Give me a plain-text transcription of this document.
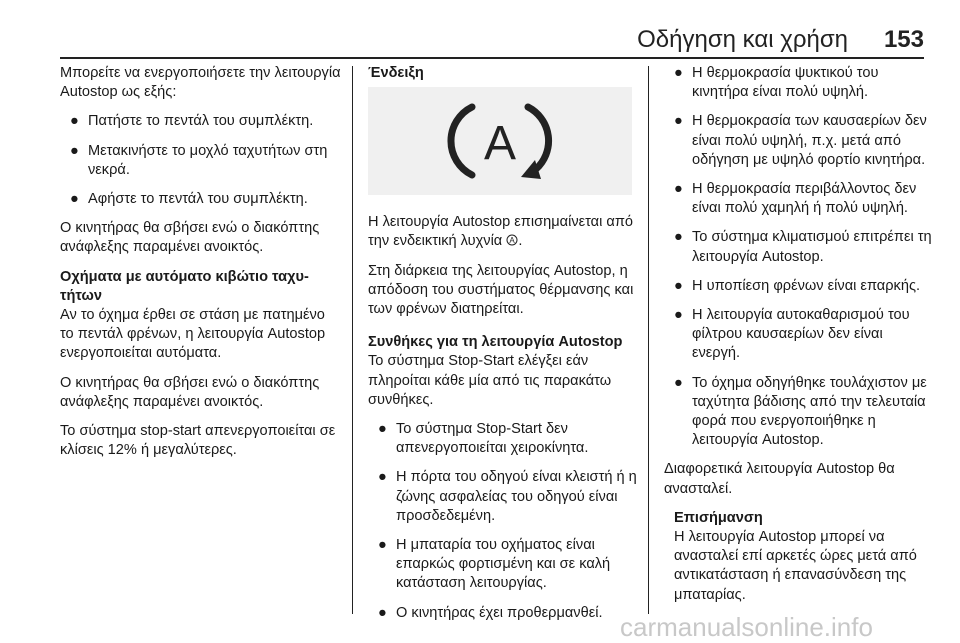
Οδήγηση και χρήση 153

Μπορείτε να ενεργοποιήσετε την λειτουργία Autostop ως εξής:

● Πατήστε το πεντάλ του συμπλέκτη.
● Μετακινήστε το μοχλό ταχυτήτων στη νεκρά.
● Αφήστε το πεντάλ του συμπλέκτη.

Ο κινητήρας θα σβήσει ενώ ο διακόπτης ανάφλεξης παραμένει ανοικτός.

Οχήματα με αυτόματο κιβώτιο ταχυτήτων

Αν το όχημα έρθει σε στάση με πατημένο το πεντάλ φρένων, η λειτουργία Autostop ενεργοποιείται αυτόματα.

Ο κινητήρας θα σβήσει ενώ ο διακόπτης ανάφλεξης παραμένει ανοικτός.

Το σύστημα stop-start απενεργοποιείται σε κλίσεις 12% ή μεγαλύτερες.

Ένδειξη
A

Η λειτουργία Autostop επισημαίνεται από την ενδεικτική λυχνία A .

Στη διάρκεια της λειτουργίας Autostop, η απόδοση του συστήματος θέρμανσης και των φρένων διατηρείται.

Συνθήκες για τη λειτουργία Autostop

Το σύστημα Stop-Start ελέγξει εάν πληροίται κάθε μία από τις παρακάτω συνθήκες.

● Το σύστημα Stop-Start δεν απενεργοποιείται χειροκίνητα.
● Η πόρτα του οδηγού είναι κλειστή ή η ζώνης ασφαλείας του οδηγού είναι προσδεδεμένη.
● Η μπαταρία του οχήματος είναι επαρκώς φορτισμένη και σε καλή κατάσταση λειτουργίας.
● Ο κινητήρας έχει προθερμανθεί.
● Η θερμοκρασία ψυκτικού του κινητήρα είναι πολύ υψηλή.
● Η θερμοκρασία των καυσαερίων δεν είναι πολύ υψηλή, π.χ. μετά από οδήγηση με υψηλό φορτίο κινητήρα.
● Η θερμοκρασία περιβάλλοντος δεν είναι πολύ χαμηλή ή πολύ υψηλή.
● Το σύστημα κλιματισμού επιτρέπει τη λειτουργία Autostop.
● Η υποπίεση φρένων είναι επαρκής.
● Η λειτουργία αυτοκαθαρισμού του φίλτρου καυσαερίων δεν είναι ενεργή.
● Το όχημα οδηγήθηκε τουλάχιστον με ταχύτητα βάδισης από την τελευταία φορά που ενεργοποιήθηκε η λειτουργία Autostop.

Διαφορετικά λειτουργία Autostop θα ανασταλεί.

Επισήμανση
Η λειτουργία Autostop μπορεί να ανασταλεί επί αρκετές ώρες μετά από αντικατάσταση ή επανασύνδεση της μπαταρίας.
carmanualsonline.info
